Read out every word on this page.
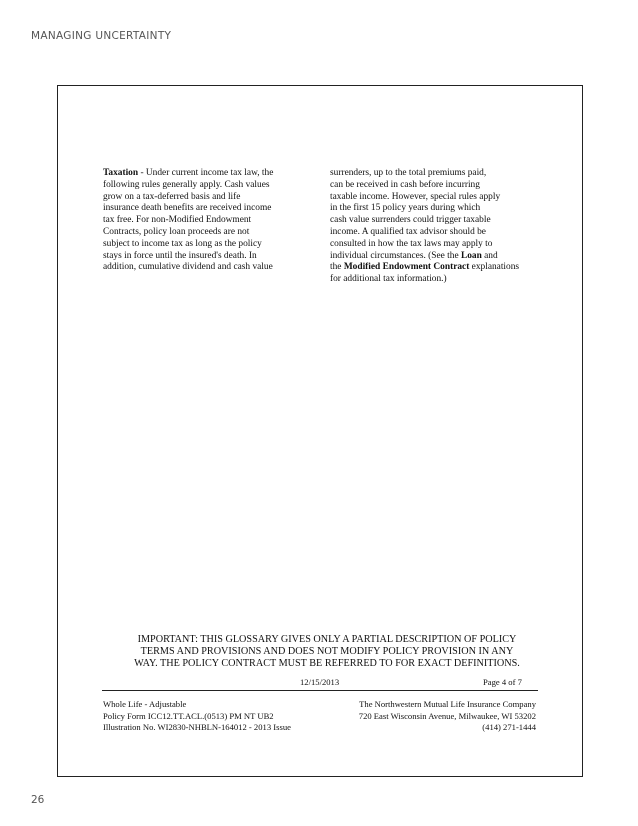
MANAGING UNCERTAINTY

Taxation - Under current income tax law, the

following rules generally apply. Cash values

grow on a tax-deferred basis and life

insurance death benefits are received income

tax free. For non-Modified Endowment

Contracts, policy loan proceeds are not

subject to income tax as long as the policy

stays in force until the insured's death. In

addition, cumulative dividend and cash value

surrenders, up to the total premiums paid,

can be received in cash before incurring

taxable income. However, special rules apply

in the first 15 policy years during which

cash value surrenders could trigger taxable

income. A qualified tax advisor should be

consulted in how the tax laws may apply to

individual circumstances. (See the Loan and

the Modified Endowment Contract explanations

for additional tax information.)

IMPORTANT: THIS GLOSSARY GIVES ONLY A PARTIAL DESCRIPTION OF POLICY
TERMS AND PROVISIONS AND DOES NOT MODIFY POLICY PROVISION IN ANY
WAY. THE POLICY CONTRACT MUST BE REFERRED TO FOR EXACT DEFINITIONS.
12/15/2013	Page 4 of 7
Whole Life - Adjustable
Policy Form ICC12.TT.ACL.(0513) PM NT UB2
Illustration No. WI2830-NHBLN-164012 - 2013 Issue
The Northwestern Mutual Life Insurance Company
720 East Wisconsin Avenue, Milwaukee, WI 53202
(414) 271-1444
26
